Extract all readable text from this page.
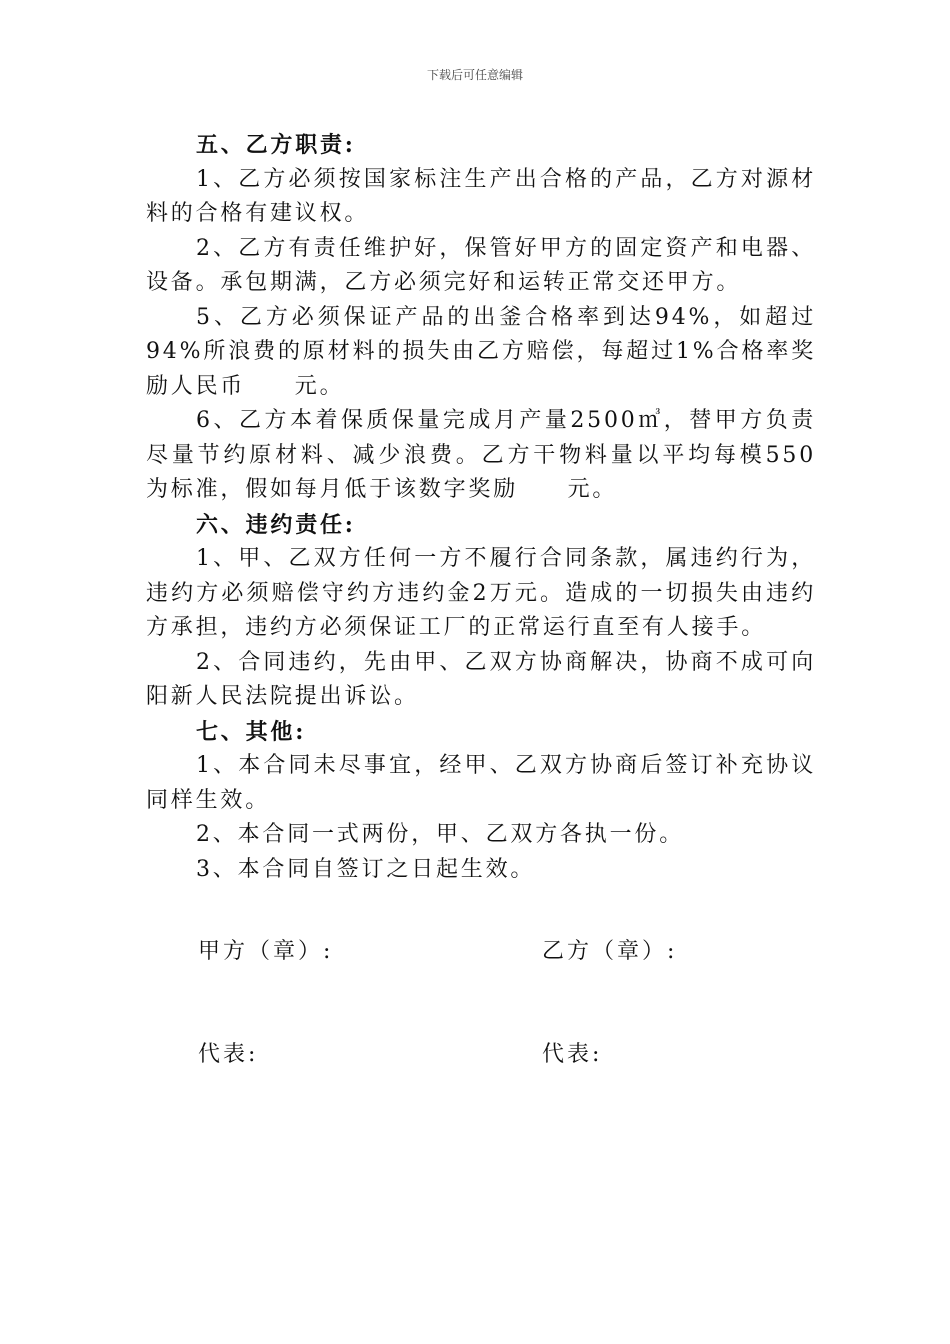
下载后可任意编辑

五、乙方职责:

1、乙方必须按国家标注生产出合格的产品，乙方对源材料的合格有建议权。

2、乙方有责任维护好，保管好甲方的固定资产和电器、设备。承包期满，乙方必须完好和运转正常交还甲方。

5、乙方必须保证产品的出釜合格率到达94%，如超过94%所浪费的原材料的损失由乙方赔偿，每超过1%合格率奖励人民币　　元。

6、乙方本着保质保量完成月产量2500㎥，替甲方负责尽量节约原材料、减少浪费。乙方干物料量以平均每模550为标准，假如每月低于该数字奖励　　元。

六、违约责任:

1、甲、乙双方任何一方不履行合同条款，属违约行为，违约方必须赔偿守约方违约金2万元。造成的一切损失由违约方承担，违约方必须保证工厂的正常运行直至有人接手。

2、合同违约，先由甲、乙双方协商解决，协商不成可向阳新人民法院提出诉讼。

七、其他:

1、本合同未尽事宜，经甲、乙双方协商后签订补充协议同样生效。

2、本合同一式两份，甲、乙双方各执一份。

3、本合同自签订之日起生效。

甲方（章）:	乙方（章）:
代表:	代表:
